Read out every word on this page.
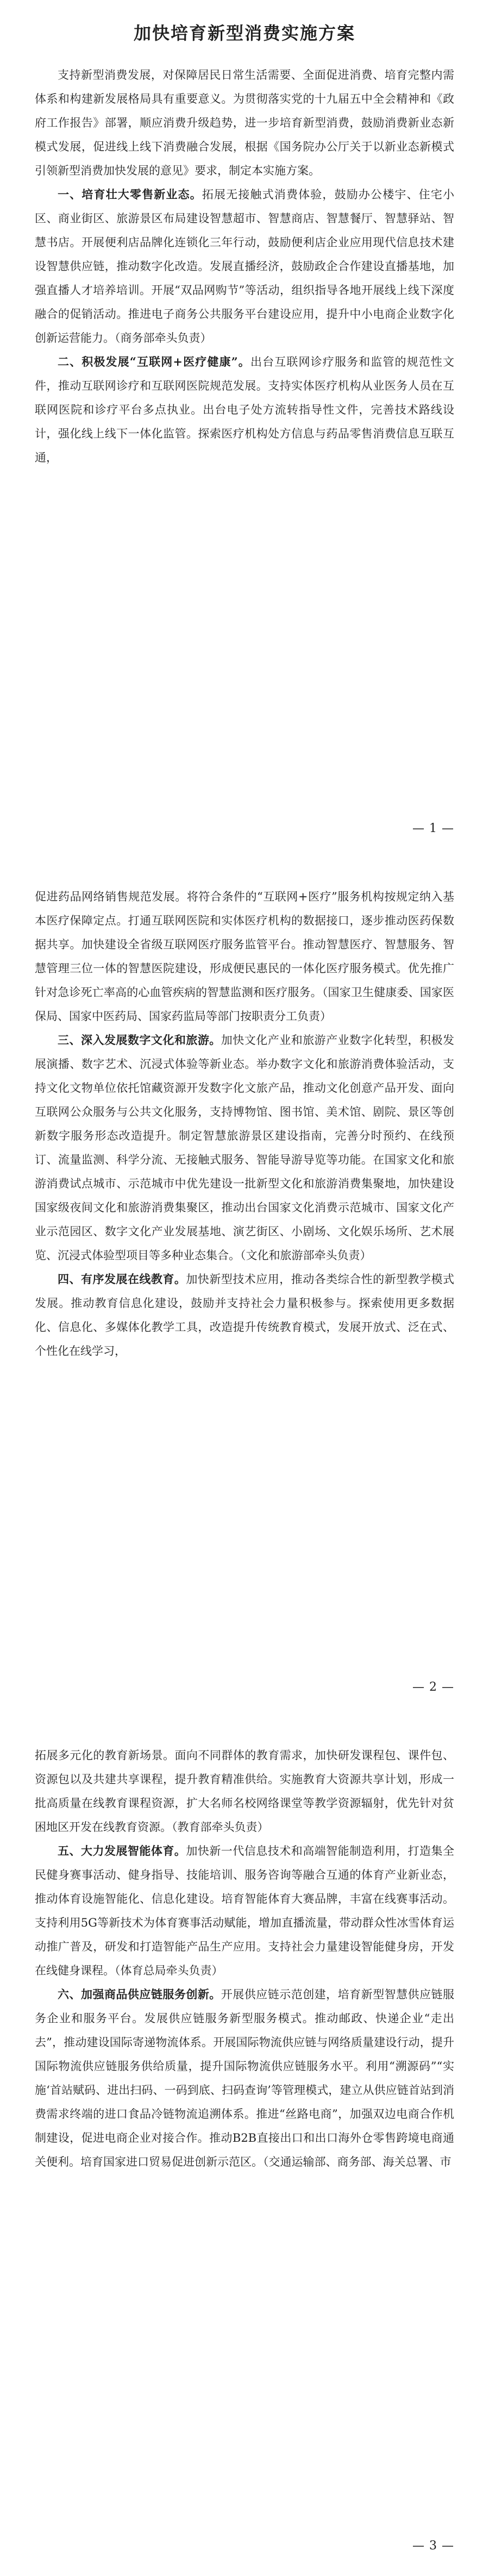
加快培育新型消费实施方案

支持新型消费发展，对保障居民日常生活需要、全面促进消费、培育完整内需体系和构建新发展格局具有重要意义。为贯彻落实党的十九届五中全会精神和《政府工作报告》部署，顺应消费升级趋势，进一步培育新型消费，鼓励消费新业态新模式发展，促进线上线下消费融合发展，根据《国务院办公厅关于以新业态新模式引领新型消费加快发展的意见》要求，制定本实施方案。

一、培育壮大零售新业态。拓展无接触式消费体验，鼓励办公楼宇、住宅小区、商业街区、旅游景区布局建设智慧超市、智慧商店、智慧餐厅、智慧驿站、智慧书店。开展便利店品牌化连锁化三年行动，鼓励便利店企业应用现代信息技术建设智慧供应链，推动数字化改造。发展直播经济，鼓励政企合作建设直播基地，加强直播人才培养培训。开展“双品网购节”等活动，组织指导各地开展线上线下深度融合的促销活动。推进电子商务公共服务平台建设应用，提升中小电商企业数字化创新运营能力。（商务部牵头负责）

二、积极发展“互联网+医疗健康”。出台互联网诊疗服务和监管的规范性文件，推动互联网诊疗和互联网医院规范发展。支持实体医疗机构从业医务人员在互联网医院和诊疗平台多点执业。出台电子处方流转指导性文件，完善技术路线设计，强化线上线下一体化监管。探索医疗机构处方信息与药品零售消费信息互联互通，

— 1 —

促进药品网络销售规范发展。将符合条件的“互联网+医疗”服务机构按规定纳入基本医疗保障定点。打通互联网医院和实体医疗机构的数据接口，逐步推动医药保数据共享。加快建设全省级互联网医疗服务监管平台。推动智慧医疗、智慧服务、智慧管理三位一体的智慧医院建设，形成便民惠民的一体化医疗服务模式。优先推广针对急诊死亡率高的心血管疾病的智慧监测和医疗服务。（国家卫生健康委、国家医保局、国家中医药局、国家药监局等部门按职责分工负责）

三、深入发展数字文化和旅游。加快文化产业和旅游产业数字化转型，积极发展演播、数字艺术、沉浸式体验等新业态。举办数字文化和旅游消费体验活动，支持文化文物单位依托馆藏资源开发数字化文旅产品，推动文化创意产品开发、面向互联网公众服务与公共文化服务，支持博物馆、图书馆、美术馆、剧院、景区等创新数字服务形态改造提升。制定智慧旅游景区建设指南，完善分时预约、在线预订、流量监测、科学分流、无接触式服务、智能导游导览等功能。在国家文化和旅游消费试点城市、示范城市中优先建设一批新型文化和旅游消费集聚地，加快建设国家级夜间文化和旅游消费集聚区，推动出台国家文化消费示范城市、国家文化产业示范园区、数字文化产业发展基地、演艺街区、小剧场、文化娱乐场所、艺术展览、沉浸式体验型项目等多种业态集合。（文化和旅游部牵头负责）

四、有序发展在线教育。加快新型技术应用，推动各类综合性的新型教学模式发展。推动教育信息化建设，鼓励并支持社会力量积极参与。探索使用更多数据化、信息化、多媒体化教学工具，改造提升传统教育模式，发展开放式、泛在式、个性化在线学习，

— 2 —

拓展多元化的教育新场景。面向不同群体的教育需求，加快研发课程包、课件包、资源包以及共建共享课程，提升教育精准供给。实施教育大资源共享计划，形成一批高质量在线教育课程资源，扩大名师名校网络课堂等教学资源辐射，优先针对贫困地区开发在线教育资源。（教育部牵头负责）

五、大力发展智能体育。加快新一代信息技术和高端智能制造利用，打造集全民健身赛事活动、健身指导、技能培训、服务咨询等融合互通的体育产业新业态，推动体育设施智能化、信息化建设。培育智能体育大赛品牌，丰富在线赛事活动。支持利用5G等新技术为体育赛事活动赋能，增加直播流量，带动群众性冰雪体育运动推广普及，研发和打造智能产品生产应用。支持社会力量建设智能健身房，开发在线健身课程。（体育总局牵头负责）

六、加强商品供应链服务创新。开展供应链示范创建，培育新型智慧供应链服务企业和服务平台。发展供应链服务新型服务模式。推动邮政、快递企业“走出去”，推动建设国际寄递物流体系。开展国际物流供应链与网络质量建设行动，提升国际物流供应链服务供给质量，提升国际物流供应链服务水平。利用“溯源码”“实施‘首站赋码、进出扫码、一码到底、扫码查询’等管理模式，建立从供应链首站到消费需求终端的进口食品冷链物流追溯体系。推进“丝路电商”，加强双边电商合作机制建设，促进电商企业对接合作。推动B2B直接出口和出口海外仓零售跨境电商通关便利。培育国家进口贸易促进创新示范区。（交通运输部、商务部、海关总署、市

— 3 —
